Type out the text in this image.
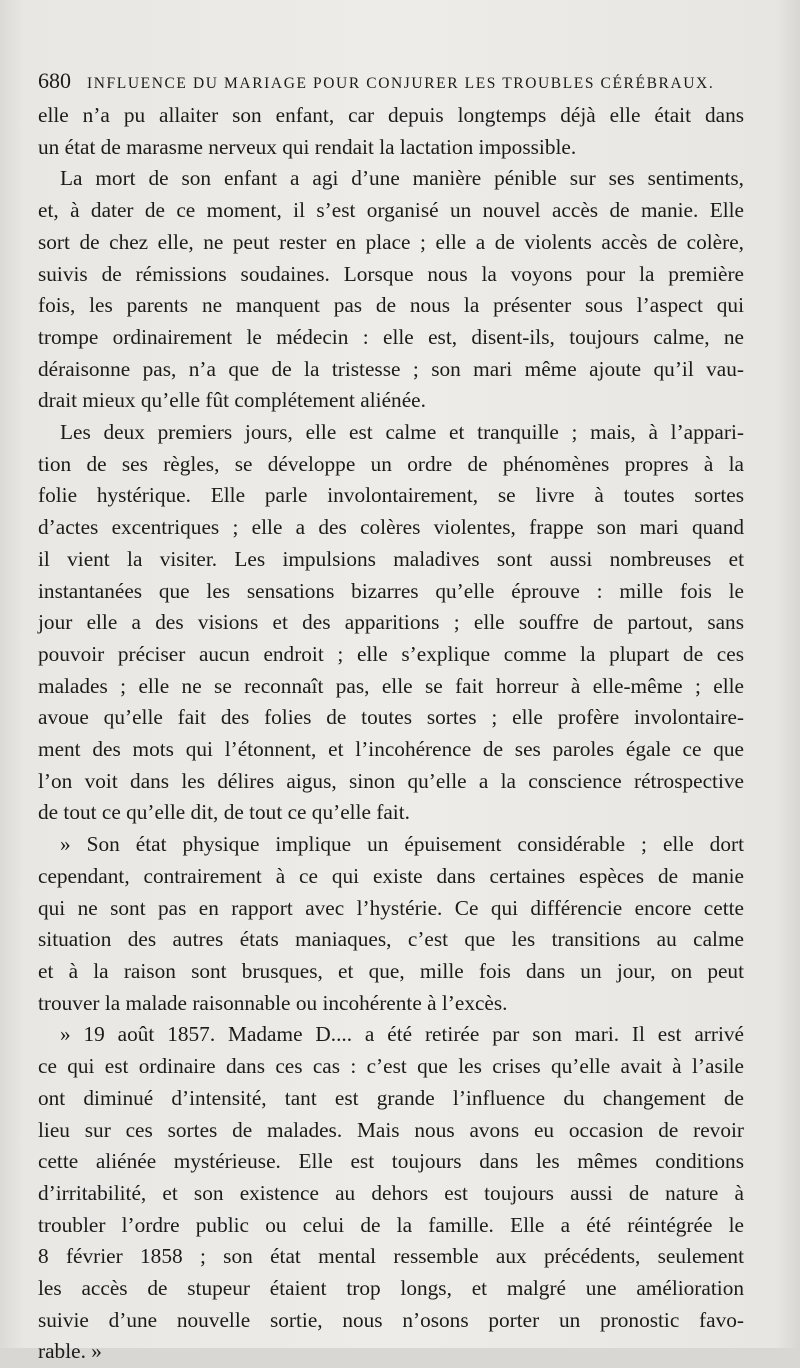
680 INFLUENCE DU MARIAGE POUR CONJURER LES TROUBLES CÉRÉBRAUX.

elle n’a pu allaiter son enfant, car depuis longtemps déjà elle était dans
un état de marasme nerveux qui rendait la lactation impossible.

La mort de son enfant a agi d’une manière pénible sur ses sentiments,
et, à dater de ce moment, il s’est organisé un nouvel accès de manie. Elle
sort de chez elle, ne peut rester en place ; elle a de violents accès de colère,
suivis de rémissions soudaines. Lorsque nous la voyons pour la première
fois, les parents ne manquent pas de nous la présenter sous l’aspect qui
trompe ordinairement le médecin : elle est, disent-ils, toujours calme, ne
déraisonne pas, n’a que de la tristesse ; son mari même ajoute qu’il vau-
drait mieux qu’elle fût complétement aliénée.

Les deux premiers jours, elle est calme et tranquille ; mais, à l’appari-
tion de ses règles, se développe un ordre de phénomènes propres à la
folie hystérique. Elle parle involontairement, se livre à toutes sortes
d’actes excentriques ; elle a des colères violentes, frappe son mari quand
il vient la visiter. Les impulsions maladives sont aussi nombreuses et
instantanées que les sensations bizarres qu’elle éprouve : mille fois le
jour elle a des visions et des apparitions ; elle souffre de partout, sans
pouvoir préciser aucun endroit ; elle s’explique comme la plupart de ces
malades ; elle ne se reconnaît pas, elle se fait horreur à elle-même ; elle
avoue qu’elle fait des folies de toutes sortes ; elle profère involontaire-
ment des mots qui l’étonnent, et l’incohérence de ses paroles égale ce que
l’on voit dans les délires aigus, sinon qu’elle a la conscience rétrospective
de tout ce qu’elle dit, de tout ce qu’elle fait.

» Son état physique implique un épuisement considérable ; elle dort
cependant, contrairement à ce qui existe dans certaines espèces de manie
qui ne sont pas en rapport avec l’hystérie. Ce qui différencie encore cette
situation des autres états maniaques, c’est que les transitions au calme
et à la raison sont brusques, et que, mille fois dans un jour, on peut
trouver la malade raisonnable ou incohérente à l’excès.

» 19 août 1857. Madame D.... a été retirée par son mari. Il est arrivé
ce qui est ordinaire dans ces cas : c’est que les crises qu’elle avait à l’asile
ont diminué d’intensité, tant est grande l’influence du changement de
lieu sur ces sortes de malades. Mais nous avons eu occasion de revoir
cette aliénée mystérieuse. Elle est toujours dans les mêmes conditions
d’irritabilité, et son existence au dehors est toujours aussi de nature à
troubler l’ordre public ou celui de la famille. Elle a été réintégrée le
8 février 1858 ; son état mental ressemble aux précédents, seulement
les accès de stupeur étaient trop longs, et malgré une amélioration
suivie d’une nouvelle sortie, nous n’osons porter un pronostic favo-
rable. »
